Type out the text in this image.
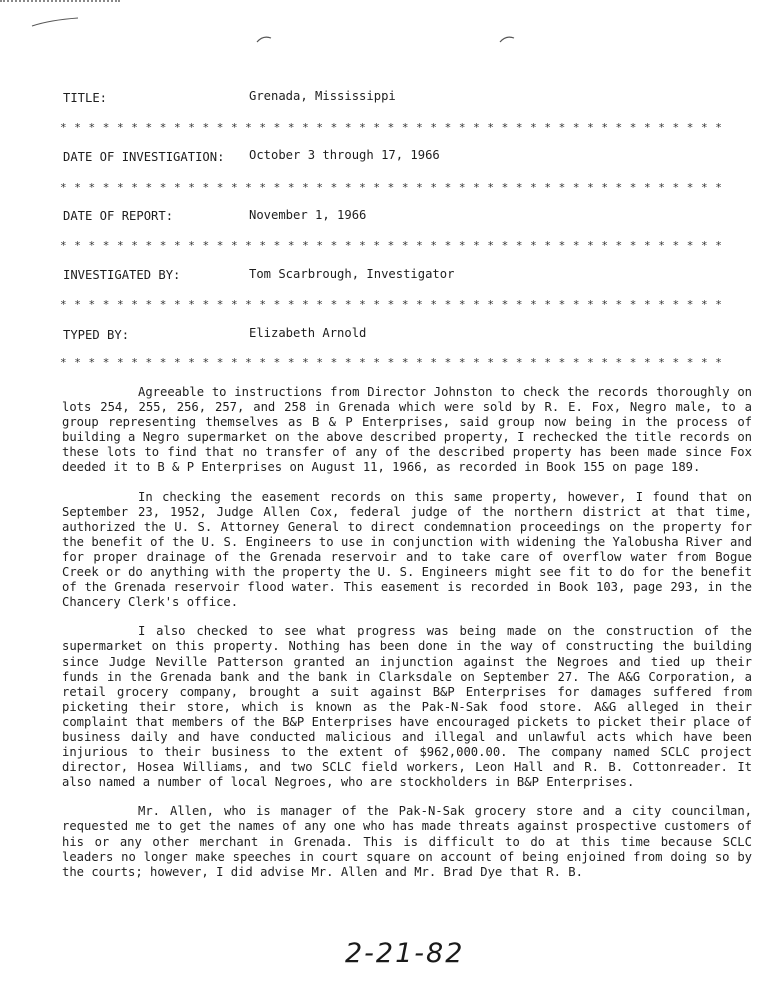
TITLE:	Grenada, Mississippi
* * * * * * * * * * * * * * * * * * * * * * * * * * * * * * * * * * * * * * * * * * * * * * *
DATE OF INVESTIGATION: October 3 through 17, 1966
* * * * * * * * * * * * * * * * * * * * * * * * * * * * * * * * * * * * * * * * * * * * * * *
DATE OF REPORT:	November 1, 1966
* * * * * * * * * * * * * * * * * * * * * * * * * * * * * * * * * * * * * * * * * * * * * * *
INVESTIGATED BY:	Tom Scarbrough, Investigator
* * * * * * * * * * * * * * * * * * * * * * * * * * * * * * * * * * * * * * * * * * * * * * *
TYPED BY:	Elizabeth Arnold
* * * * * * * * * * * * * * * * * * * * * * * * * * * * * * * * * * * * * * * * * * * * * * *

Agreeable to instructions from Director Johnston to check the records thoroughly on lots 254, 255, 256, 257, and 258 in Grenada which were sold by R. E. Fox, Negro male, to a group representing themselves as B & P Enterprises, said group now being in the process of building a Negro supermarket on the above described property, I rechecked the title records on these lots to find that no transfer of any of the described property has been made since Fox deeded it to B & P Enterprises on August 11, 1966, as recorded in Book 155 on page 189.

In checking the easement records on this same property, however, I found that on September 23, 1952, Judge Allen Cox, federal judge of the northern district at that time, authorized the U. S. Attorney General to direct condemnation proceedings on the property for the benefit of the U. S. Engineers to use in conjunction with widening the Yalobusha River and for proper drainage of the Grenada reservoir and to take care of overflow water from Bogue Creek or do anything with the property the U. S. Engineers might see fit to do for the benefit of the Grenada reservoir flood water. This easement is recorded in Book 103, page 293, in the Chancery Clerk's office.

I also checked to see what progress was being made on the construction of the supermarket on this property. Nothing has been done in the way of constructing the building since Judge Neville Patterson granted an injunction against the Negroes and tied up their funds in the Grenada bank and the bank in Clarksdale on September 27. The A&G Corporation, a retail grocery company, brought a suit against B&P Enterprises for damages suffered from picketing their store, which is known as the Pak-N-Sak food store. A&G alleged in their complaint that members of the B&P Enterprises have encouraged pickets to picket their place of business daily and have conducted malicious and illegal and unlawful acts which have been injurious to their business to the extent of $962,000.00. The company named SCLC project director, Hosea Williams, and two SCLC field workers, Leon Hall and R. B. Cottonreader. It also named a number of local Negroes, who are stockholders in B&P Enterprises.

Mr. Allen, who is manager of the Pak-N-Sak grocery store and a city councilman, requested me to get the names of any one who has made threats against prospective customers of his or any other merchant in Grenada. This is difficult to do at this time because SCLC leaders no longer make speeches in court square on account of being enjoined from doing so by the courts; however, I did advise Mr. Allen and Mr. Brad Dye that R. B.

2-21-82
